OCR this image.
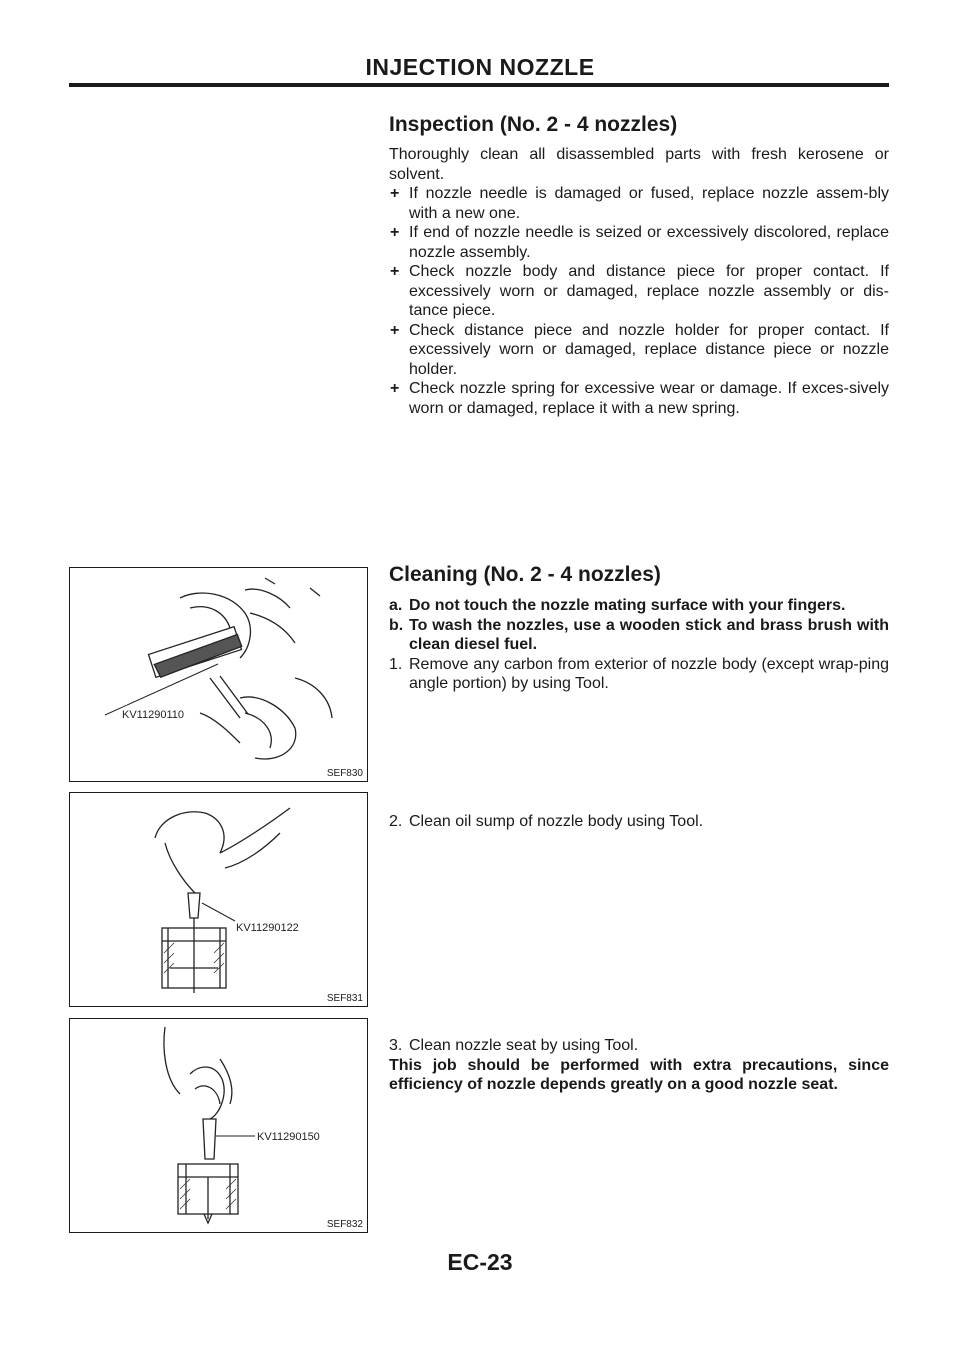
INJECTION NOZZLE
Inspection (No. 2 - 4 nozzles)

Thoroughly clean all disassembled parts with fresh kerosene or solvent.

+ If nozzle needle is damaged or fused, replace nozzle assem-bly with a new one.
+ If end of nozzle needle is seized or excessively discolored, replace nozzle assembly.
+ Check nozzle body and distance piece for proper contact. If excessively worn or damaged, replace nozzle assembly or dis-tance piece.
+ Check distance piece and nozzle holder for proper contact. If excessively worn or damaged, replace distance piece or nozzle holder.
+ Check nozzle spring for excessive wear or damage. If exces-sively worn or damaged, replace it with a new spring.
Cleaning (No. 2 - 4 nozzles)
a. Do not touch the nozzle mating surface with your fingers.
b. To wash the nozzles, use a wooden stick and brass brush with clean diesel fuel.
1. Remove any carbon from exterior of nozzle body (except wrap-ping angle portion) by using Tool.
2. Clean oil sump of nozzle body using Tool.
3. Clean nozzle seat by using Tool.

This job should be performed with extra precautions, since efficiency of nozzle depends greatly on a good nozzle seat.

KV11290110
SEF830
KV11290122
SEF831
KV11290150
SEF832
EC-23
